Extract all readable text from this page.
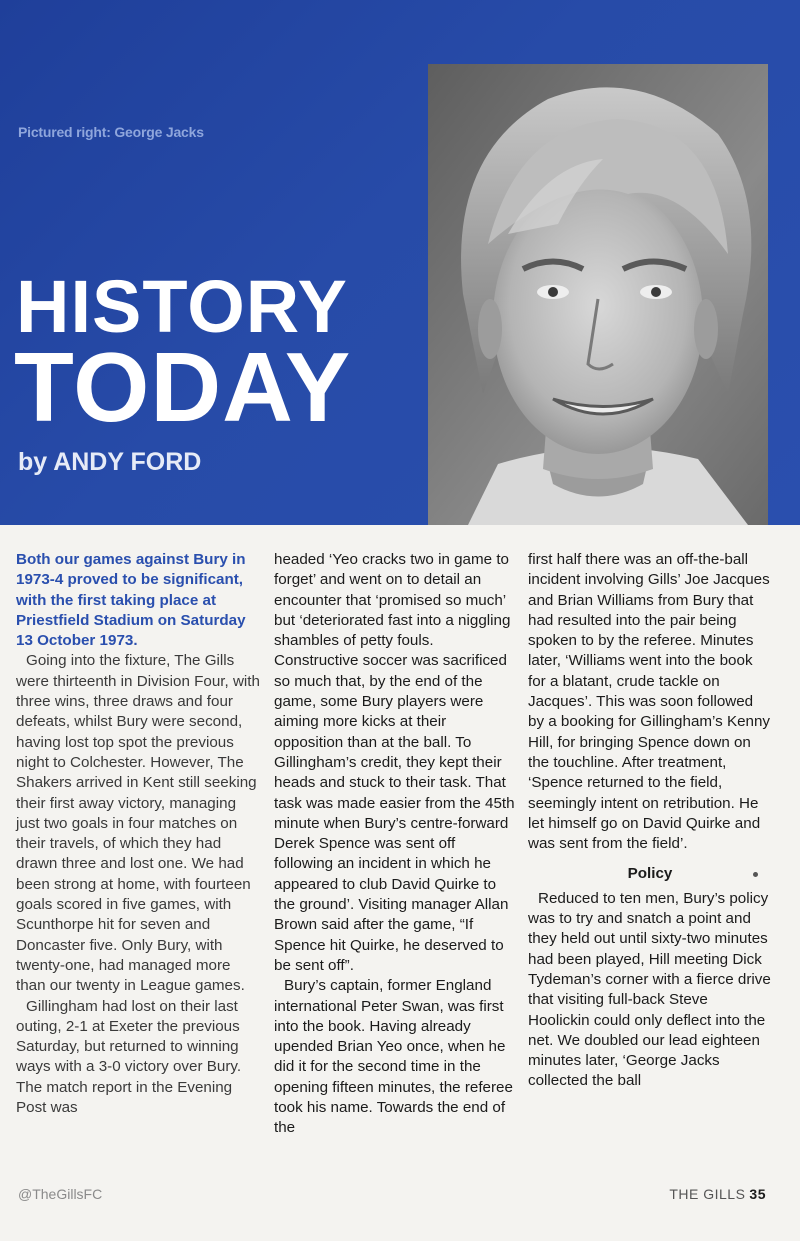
Pictured right: George Jacks
HISTORY
TODAY
by ANDY FORD

Both our games against Bury in 1973-4 proved to be significant, with the first taking place at Priestfield Stadium on Saturday 13 October 1973.

Going into the fixture, The Gills were thirteenth in Division Four, with three wins, three draws and four defeats, whilst Bury were second, having lost top spot the previous night to Colchester. However, The Shakers arrived in Kent still seeking their first away victory, managing just two goals in four matches on their travels, of which they had drawn three and lost one. We had been strong at home, with fourteen goals scored in five games, with Scunthorpe hit for seven and Doncaster five. Only Bury, with twenty-one, had managed more than our twenty in League games.

Gillingham had lost on their last outing, 2-1 at Exeter the previous Saturday, but returned to winning ways with a 3-0 victory over Bury. The match report in the Evening Post was

headed ‘Yeo cracks two in game to forget’ and went on to detail an encounter that ‘promised so much’ but ‘deteriorated fast into a niggling shambles of petty fouls. Constructive soccer was sacrificed so much that, by the end of the game, some Bury players were aiming more kicks at their opposition than at the ball. To Gillingham’s credit, they kept their heads and stuck to their task. That task was made easier from the 45th minute when Bury’s centre-forward Derek Spence was sent off following an incident in which he appeared to club David Quirke to the ground’. Visiting manager Allan Brown said after the game, “If Spence hit Quirke, he deserved to be sent off”.

Bury’s captain, former England international Peter Swan, was first into the book. Having already upended Brian Yeo once, when he did it for the second time in the opening fifteen minutes, the referee took his name. Towards the end of the

first half there was an off-the-ball incident involving Gills’ Joe Jacques and Brian Williams from Bury that had resulted into the pair being spoken to by the referee. Minutes later, ‘Williams went into the book for a blatant, crude tackle on Jacques’. This was soon followed by a booking for Gillingham’s Kenny Hill, for bringing Spence down on the touchline. After treatment, ‘Spence returned to the field, seemingly intent on retribution. He let himself go on David Quirke and was sent from the field’.

Policy

Reduced to ten men, Bury’s policy was to try and snatch a point and they held out until sixty-two minutes had been played, Hill meeting Dick Tydeman’s corner with a fierce drive that visiting full-back Steve Hoolickin could only deflect into the net. We doubled our lead eighteen minutes later, ‘George Jacks collected the ball

@TheGillsFC	THE GILLS 35
